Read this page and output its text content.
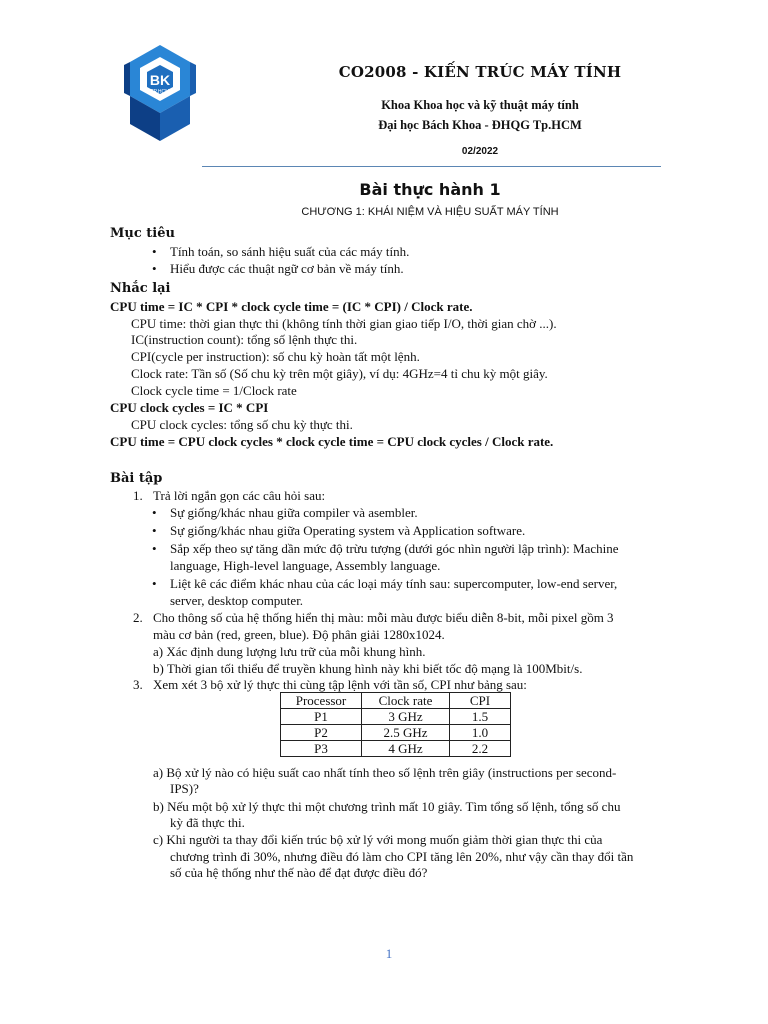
BK
TP.HCM
CO2008 - KIẾN TRÚC MÁY TÍNH
Khoa Khoa học và kỹ thuật máy tính
Đại học Bách Khoa - ĐHQG Tp.HCM
02/2022
Bài thực hành 1
CHƯƠNG 1: KHÁI NIỆM VÀ HIỆU SUẤT MÁY TÍNH
Mục tiêu
• Tính toán, so sánh hiệu suất của các máy tính.
• Hiểu được các thuật ngữ cơ bản về máy tính.
Nhắc lại
CPU time = IC * CPI * clock cycle time = (IC * CPI) / Clock rate.
CPU time: thời gian thực thi (không tính thời gian giao tiếp I/O, thời gian chờ ...).
IC(instruction count): tổng số lệnh thực thi.
CPI(cycle per instruction): số chu kỳ hoàn tất một lệnh.
Clock rate: Tần số (Số chu kỳ trên một giây), ví dụ: 4GHz=4 tỉ chu kỳ một giây.
Clock cycle time = 1/Clock rate
CPU clock cycles = IC * CPI
CPU clock cycles: tổng số chu kỳ thực thi.
CPU time = CPU clock cycles * clock cycle time = CPU clock cycles / Clock rate.
Bài tập
1. Trả lời ngắn gọn các câu hỏi sau:
• Sự giống/khác nhau giữa compiler và asembler.
• Sự giống/khác nhau giữa Operating system và Application software.
• Sắp xếp theo sự tăng dần mức độ trừu tượng (dưới góc nhìn người lập trình): Machine
language, High-level language, Assembly language.
• Liệt kê các điểm khác nhau của các loại máy tính sau: supercomputer, low-end server,
server, desktop computer.
2. Cho thông số của hệ thống hiển thị màu: mỗi màu được biểu diễn 8-bit, mỗi pixel gồm 3
màu cơ bản (red, green, blue). Độ phân giải 1280x1024.
a) Xác định dung lượng lưu trữ của mỗi khung hình.
b) Thời gian tối thiểu để truyền khung hình này khi biết tốc độ mạng là 100Mbit/s.
3. Xem xét 3 bộ xử lý thực thi cùng tập lệnh với tần số, CPI như bảng sau:
Processor	Clock rate	CPI
P1	3 GHz	1.5
P2	2.5 GHz	1.0
P3	4 GHz	2.2
a) Bộ xử lý nào có hiệu suất cao nhất tính theo số lệnh trên giây (instructions per second-
IPS)?
b) Nếu một bộ xử lý thực thi một chương trình mất 10 giây. Tìm tổng số lệnh, tổng số chu
kỳ đã thực thi.
c) Khi người ta thay đổi kiến trúc bộ xử lý với mong muốn giảm thời gian thực thi của
chương trình đi 30%, nhưng điều đó làm cho CPI tăng lên 20%, như vậy cần thay đổi tần
số của hệ thống như thế nào để đạt được điều đó?
1
